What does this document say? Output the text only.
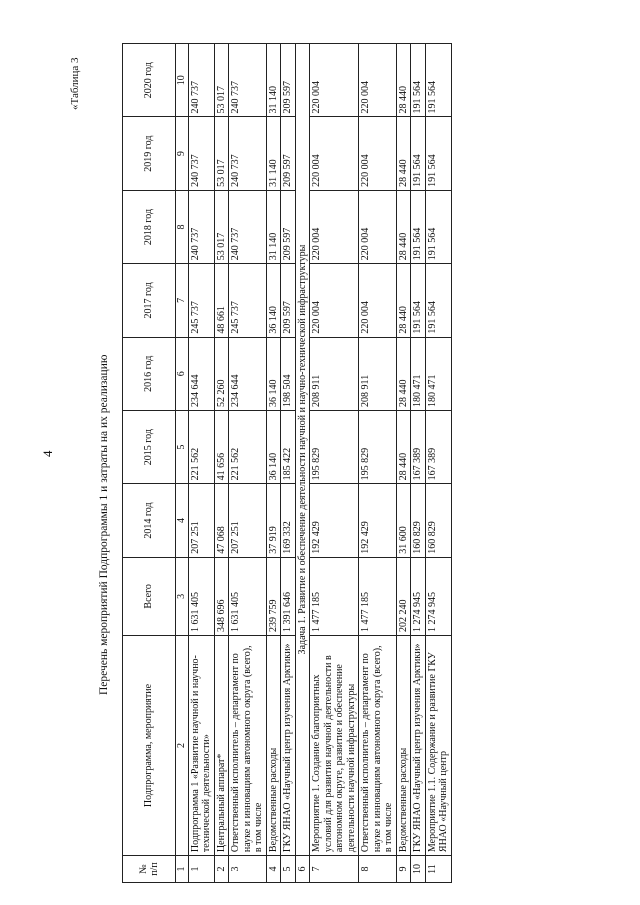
4
«Таблица 3
Перечень мероприятий Подпрограммы 1 и затраты на их реализацию
№ п/п	Подпрограмма, мероприятие	Всего	2014 год	2015 год	2016 год	2017 год	2018 год	2019 год	2020 год
1	2	3	4	5	6	7	8	9	10
1	Подпрограмма 1 «Развитие научной и научно-технической деятельности»	1 631 405	207 251	221 562	234 644	245 737	240 737	240 737	240 737
2	Центральный аппарат*	348 696	47 068	41 656	52 260	48 661	53 017	53 017	53 017
3	Ответственный исполнитель – департамент по науке и инновациям автономного округа (всего), в том числе	1 631 405	207 251	221 562	234 644	245 737	240 737	240 737	240 737
4	Ведомственные расходы	239 759	37 919	36 140	36 140	36 140	31 140	31 140	31 140
5	ГКУ ЯНАО «Научный центр изучения Арктики»	1 391 646	169 332	185 422	198 504	209 597	209 597	209 597	209 597
6	Задача 1. Развитие и обеспечение деятельности научной и научно-технической инфраструктуры								
7	Мероприятие 1. Создание благоприятных условий для развития научной деятельности в автономном округе, развитие и обеспечение деятельности научной инфраструктуры	1 477 185	192 429	195 829	208 911	220 004	220 004	220 004	220 004
8	Ответственный исполнитель – департамент по науке и инновациям автономного округа (всего), в том числе	1 477 185	192 429	195 829	208 911	220 004	220 004	220 004	220 004
9	Ведомственные расходы	202 240	31 600	28 440	28 440	28 440	28 440	28 440	28 440
10	ГКУ ЯНАО «Научный центр изучения Арктики»	1 274 945	160 829	167 389	180 471	191 564	191 564	191 564	191 564
11	Мероприятие 1.1. Содержание и развитие ГКУ ЯНАО «Научный центр	1 274 945	160 829	167 389	180 471	191 564	191 564	191 564	191 564
